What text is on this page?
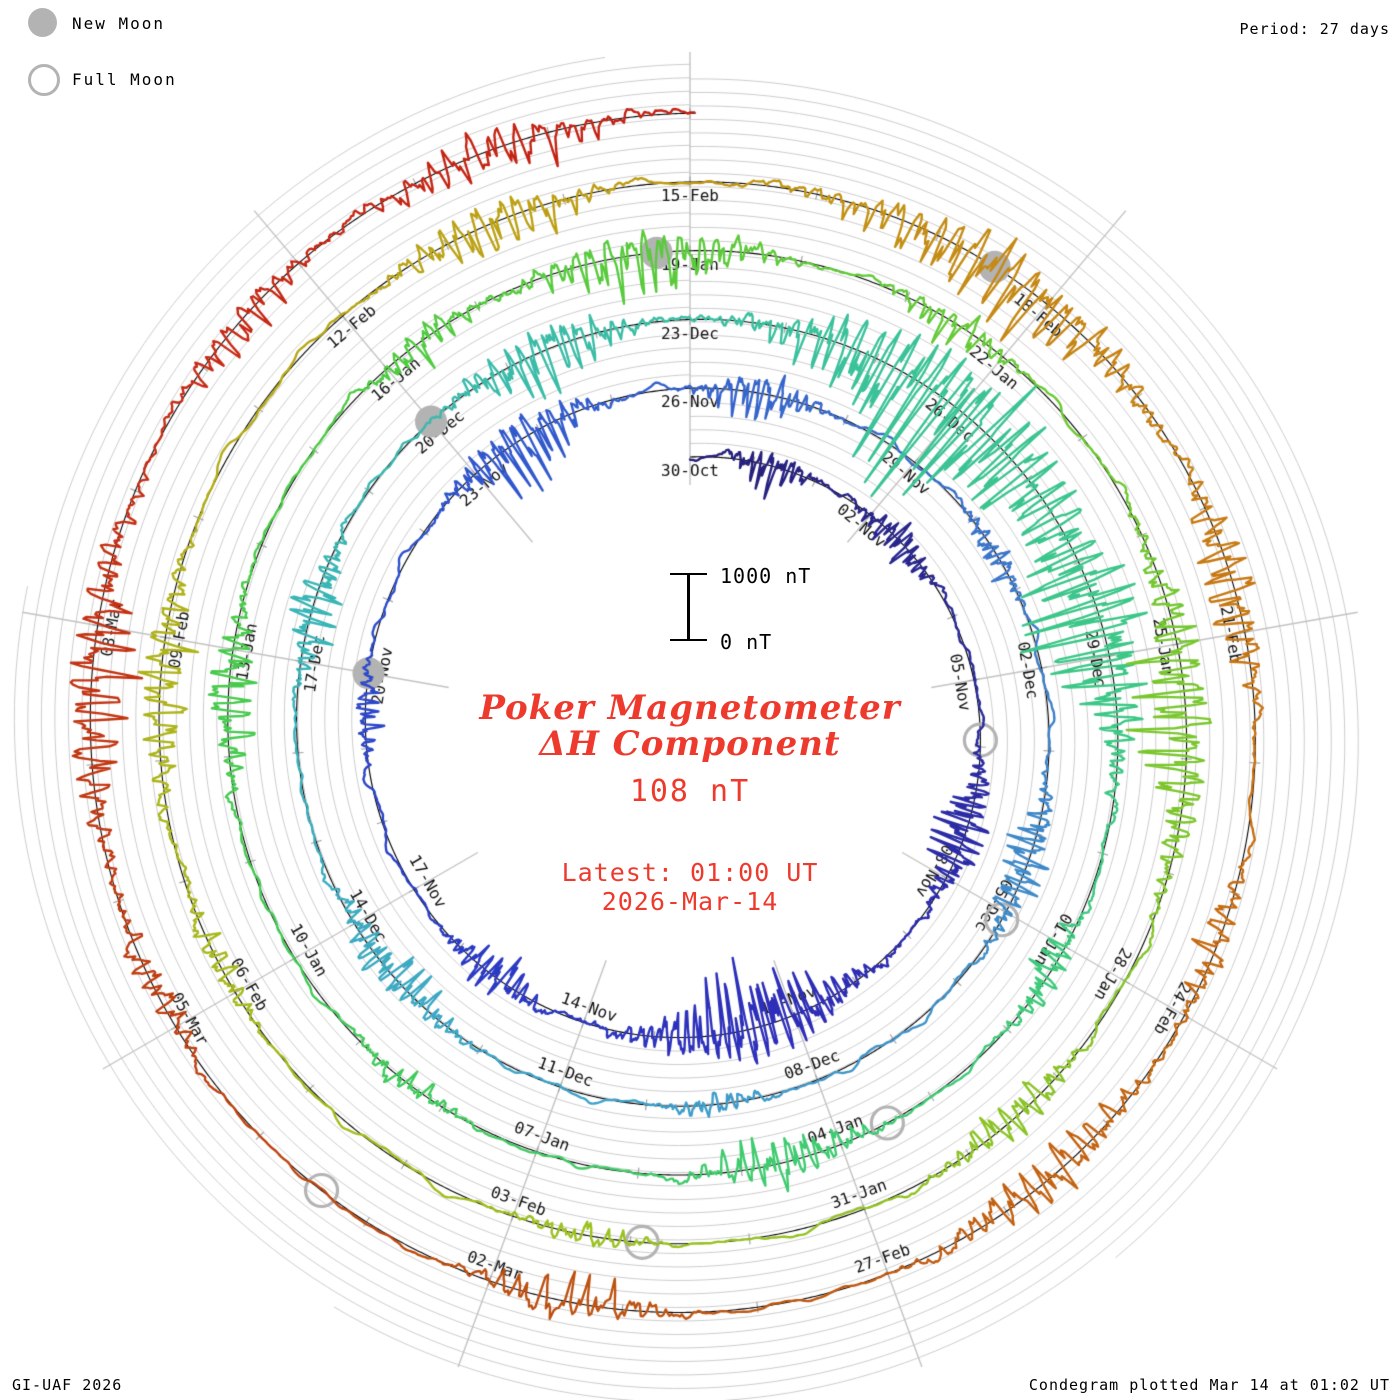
New Moon
Full Moon
Period: 27 days
Poker Magnetometer
ΔH Component
108 nT
Latest: 01:00 UT
2026-Mar-14
1000 nT
0 nT
GI-UAF 2026	Condegram plotted Mar 14 at 01:02 UT
